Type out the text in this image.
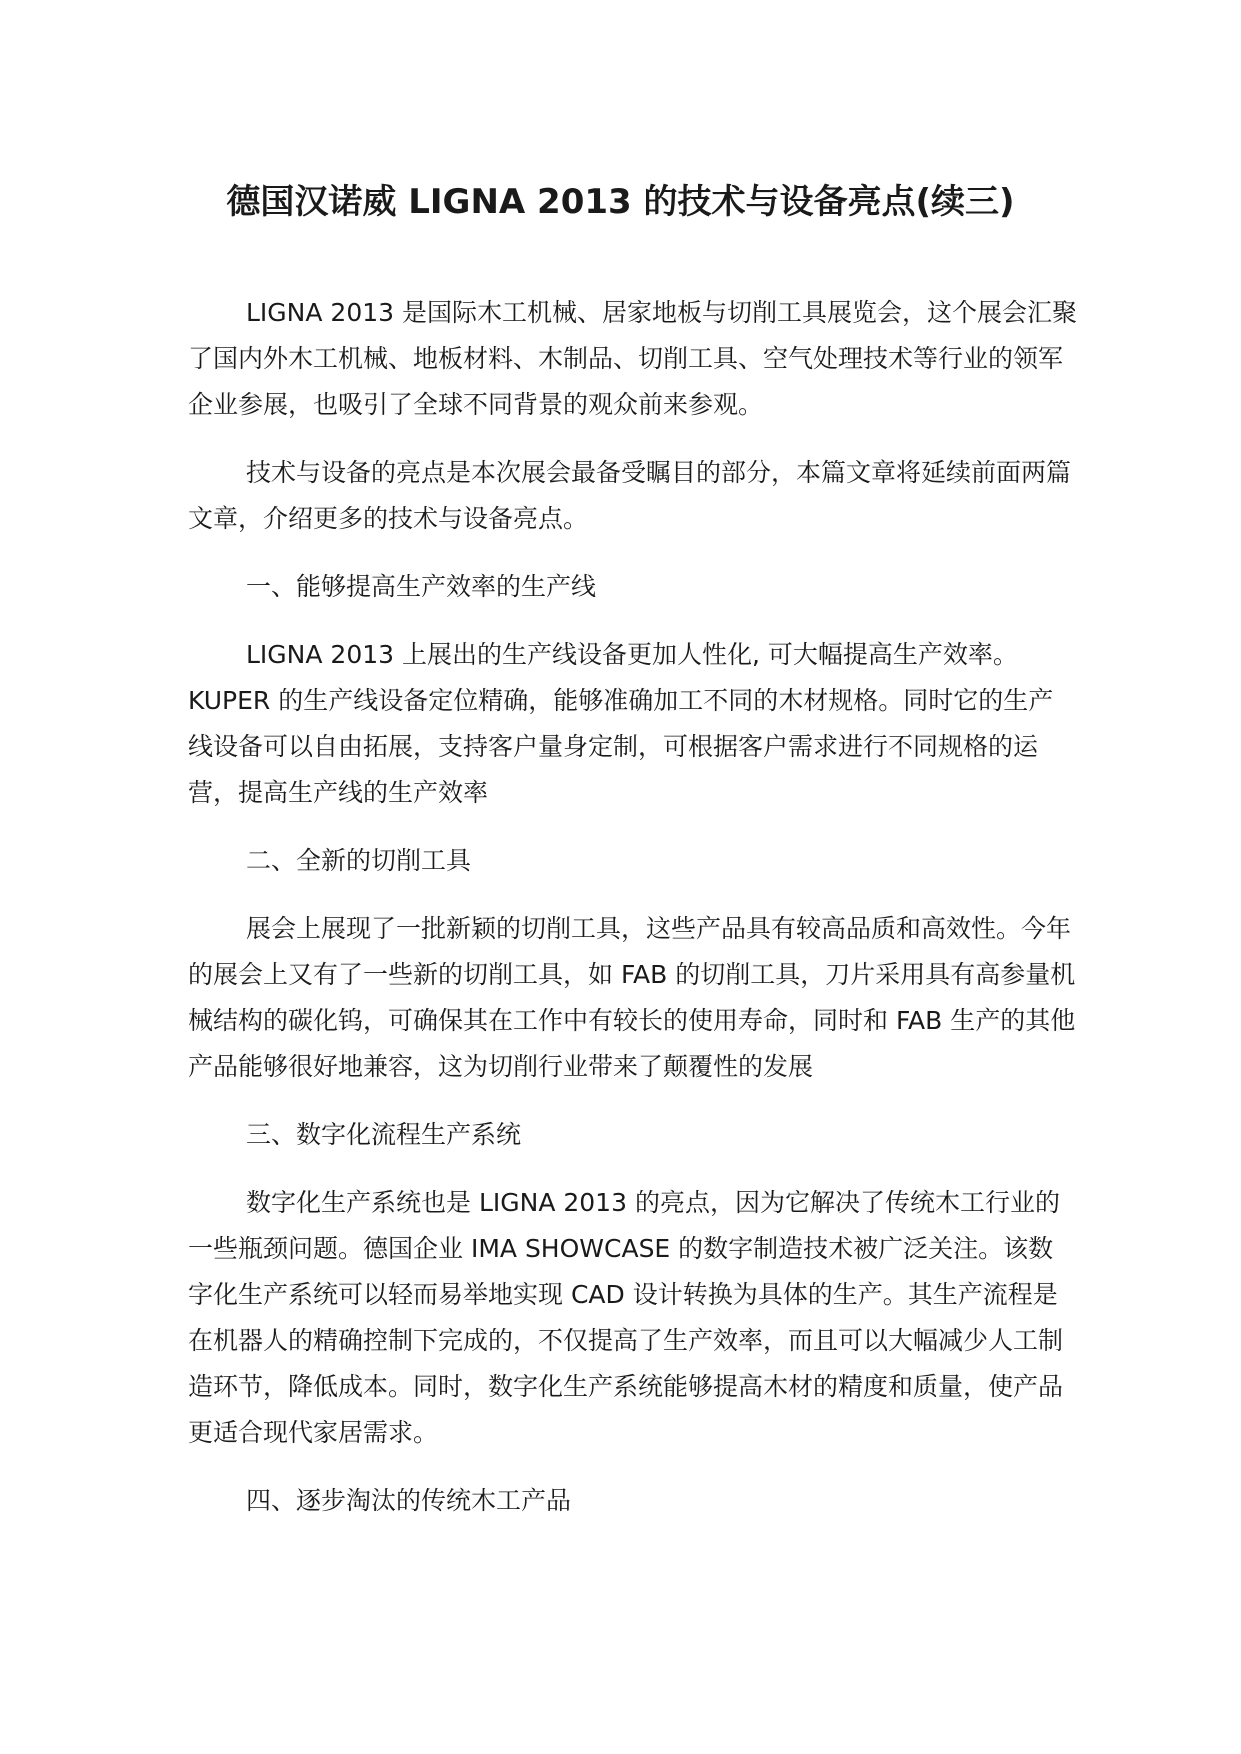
德国汉诺威 LIGNA 2013 的技术与设备亮点(续三)

LIGNA 2013 是国际木工机械、居家地板与切削工具展览会，这个展会汇聚了国内外木工机械、地板材料、木制品、切削工具、空气处理技术等行业的领军企业参展，也吸引了全球不同背景的观众前来参观。

技术与设备的亮点是本次展会最备受瞩目的部分，本篇文章将延续前面两篇文章，介绍更多的技术与设备亮点。

一、能够提高生产效率的生产线

LIGNA 2013 上展出的生产线设备更加人性化, 可大幅提高生产效率。KUPER 的生产线设备定位精确，能够准确加工不同的木材规格。同时它的生产线设备可以自由拓展，支持客户量身定制，可根据客户需求进行不同规格的运营，提高生产线的生产效率

二、全新的切削工具

展会上展现了一批新颖的切削工具，这些产品具有较高品质和高效性。今年的展会上又有了一些新的切削工具，如 FAB 的切削工具，刀片采用具有高参量机械结构的碳化钨，可确保其在工作中有较长的使用寿命，同时和 FAB 生产的其他产品能够很好地兼容，这为切削行业带来了颠覆性的发展

三、数字化流程生产系统

数字化生产系统也是 LIGNA 2013 的亮点，因为它解决了传统木工行业的一些瓶颈问题。德国企业 IMA SHOWCASE 的数字制造技术被广泛关注。该数字化生产系统可以轻而易举地实现 CAD 设计转换为具体的生产。其生产流程是在机器人的精确控制下完成的，不仅提高了生产效率，而且可以大幅减少人工制造环节，降低成本。同时，数字化生产系统能够提高木材的精度和质量，使产品更适合现代家居需求。

四、逐步淘汰的传统木工产品
